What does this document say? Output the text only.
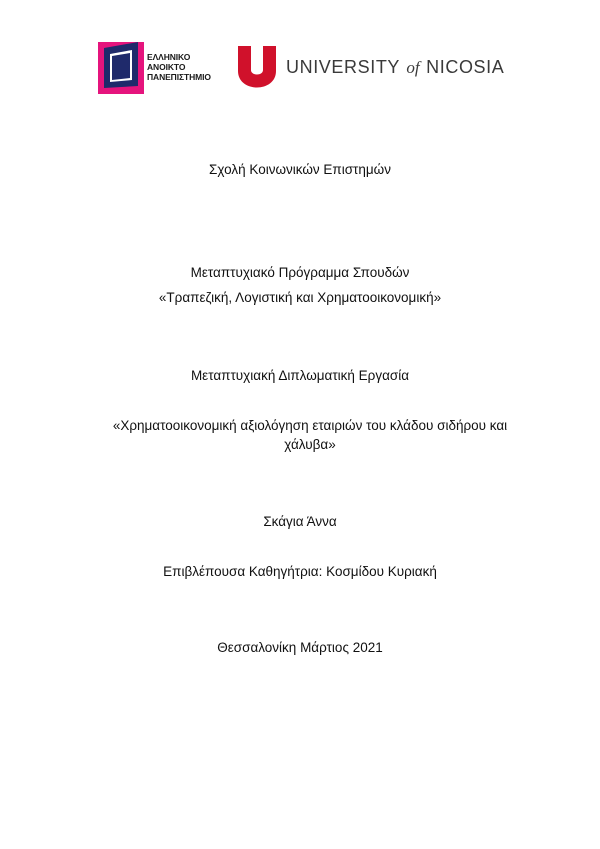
ΕΛΛΗΝΙΚΟ
ΑΝΟΙΚΤΟ
ΠΑΝΕΠΙΣΤΗΜΙΟ	UNIVERSITY of NICOSIA
Σχολή Κοινωνικών Επιστημών
Μεταπτυχιακό Πρόγραμμα Σπουδών
«Τραπεζική, Λογιστική και Χρηματοοικονομική»
Μεταπτυχιακή Διπλωματική Εργασία
«Χρηματοοικονομική αξιολόγηση εταιριών του κλάδου σιδήρου και χάλυβα»
Σκάγια Άννα
Επιβλέπουσα Καθηγήτρια: Κοσμίδου Κυριακή
Θεσσαλονίκη Μάρτιος 2021
